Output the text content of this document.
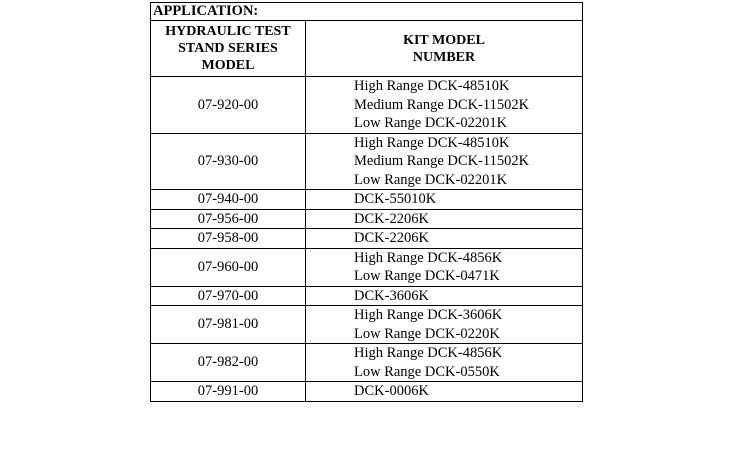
APPLICATION:	

HYDRAULIC TEST
STAND SERIES
MODEL	KIT MODEL
NUMBER

07-920-00	High Range DCK-48510K
Medium Range DCK-11502K
Low Range DCK-02201K

07-930-00	High Range DCK-48510K
Medium Range DCK-11502K
Low Range DCK-02201K

07-940-00	DCK-55010K

07-956-00	DCK-2206K

07-958-00	DCK-2206K

07-960-00	High Range DCK-4856K
Low Range DCK-0471K

07-970-00	DCK-3606K

07-981-00	High Range DCK-3606K
Low Range DCK-0220K

07-982-00	High Range DCK-4856K
Low Range DCK-0550K

07-991-00	DCK-0006K
